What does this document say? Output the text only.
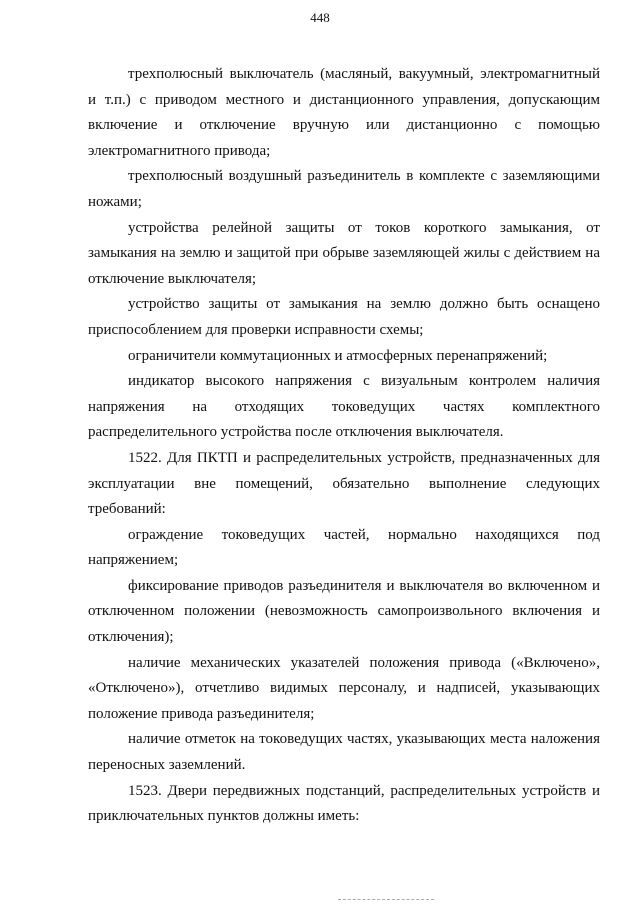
448

трехполюсный выключатель (масляный, вакуумный, электромагнитный и т.п.) с приводом местного и дистанционного управления, допускающим включение и отключение вручную или дистанционно с помощью электромагнитного привода;

трехполюсный воздушный разъединитель в комплекте с заземляющими ножами;

устройства релейной защиты от токов короткого замыкания, от замыкания на землю и защитой при обрыве заземляющей жилы с действием на отключение выключателя;

устройство защиты от замыкания на землю должно быть оснащено приспособлением для проверки исправности схемы;

ограничители коммутационных и атмосферных перенапряжений;

индикатор высокого напряжения с визуальным контролем наличия напряжения на отходящих токоведущих частях комплектного распределительного устройства после отключения выключателя.

1522. Для ПКТП и распределительных устройств, предназначенных для эксплуатации вне помещений, обязательно выполнение следующих требований:

ограждение токоведущих частей, нормально находящихся под напряжением;

фиксирование приводов разъединителя и выключателя во включенном и отключенном положении (невозможность самопроизвольного включения и отключения);

наличие механических указателей положения привода («Включено», «Отключено»), отчетливо видимых персоналу, и надписей, указывающих положение привода разъединителя;

наличие отметок на токоведущих частях, указывающих места наложения переносных заземлений.

1523. Двери передвижных подстанций, распределительных устройств и приключательных пунктов должны иметь:
